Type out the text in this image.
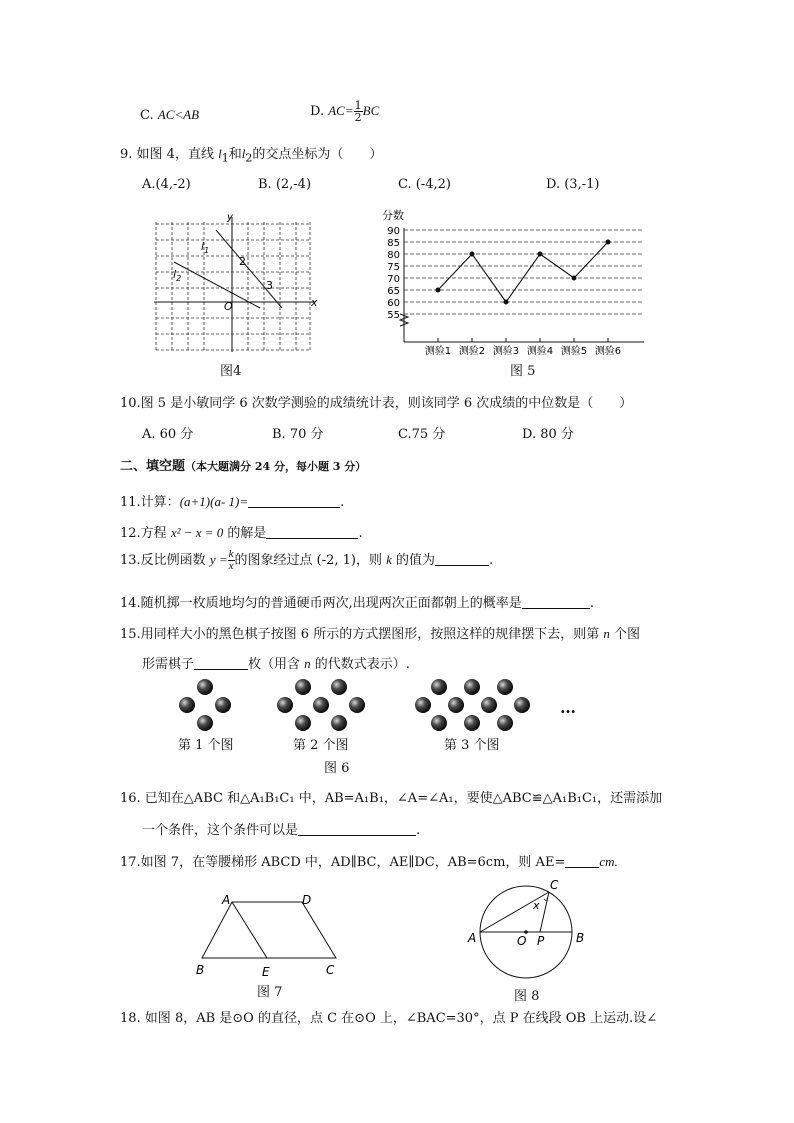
C. AC<AB	D. $AC= \frac{1}{2}$ BC
9. 如图 4，直线 $l_1$和$l_2$的交点坐标为（　　）
A.(4,-2)	B. (2,-4)	C. (-4,2)	D. (3,-1)
y
x
O
2
3
$l_1$
$l_2$
图4
分数
90
85
80
75
70
65
60
55
测验1 测验2 测验3 测验4 测验5 测验6
图 5
10.图 5 是小敏同学 6 次数学测验的成绩统计表，则该同学 6 次成绩的中位数是（　　）
A. 60 分	B. 70 分	C.75 分	D. 80 分
二、填空题（本大题满分 24 分，每小题 3 分）
11.计算：(a+1)(a- 1)=	.
12.方程 x² − x = 0 的解是	.
13.反比例函数 $y = \frac{k}{x}$ 的图象经过点 (-2, 1)，则 k 的值为	.
14.随机掷一枚质地均匀的普通硬币两次,出现两次正面都朝上的概率是	.
15.用同样大小的黑色棋子按图 6 所示的方式摆图形，按照这样的规律摆下去，则第 n 个图
形需棋子	枚（用含 n 的代数式表示）.
…
第 1 个图	第 2 个图	第 3 个图
图 6
16. 已知在△ABC 和△A₁B₁C₁ 中，AB=A₁B₁，∠A=∠A₁，要使△ABC≌△A₁B₁C₁，还需添加
一个条件，这个条件可以是	.
17.如图 7，在等腰梯形 ABCD 中，AD∥BC，AE∥DC，AB=6cm，则 AE=	cm.
A	D
B	E	C
图 7
A	B
C
O P
x
图 8
18. 如图 8，AB 是⊙O 的直径，点 C 在⊙O 上，∠BAC=30°，点 P 在线段 OB 上运动.设∠
